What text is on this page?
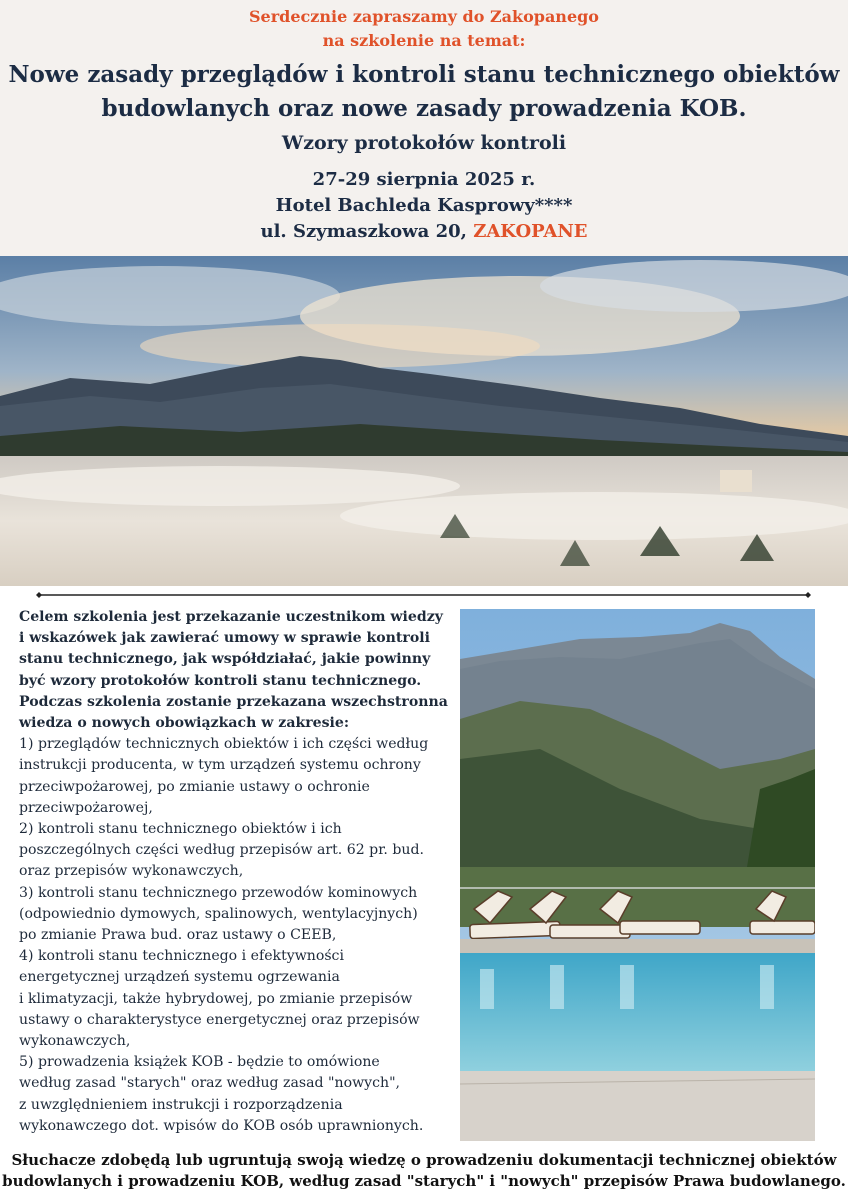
Serdecznie zapraszamy do Zakopanego
na szkolenie na temat:
Nowe zasady przeglądów i kontroli stanu technicznego obiektów
budowlanych oraz nowe zasady prowadzenia KOB.
Wzory protokołów kontroli
27-29 sierpnia 2025 r.
Hotel Bachleda Kasprowy****
ul. Szymaszkowa 20, ZAKOPANE
Celem szkolenia jest przekazanie uczestnikom wiedzy
i wskazówek jak zawierać umowy w sprawie kontroli
stanu technicznego, jak współdziałać, jakie powinny
być wzory protokołów kontroli stanu technicznego.
Podczas szkolenia zostanie przekazana wszechstronna
wiedza o nowych obowiązkach w zakresie:
1) przeglądów technicznych obiektów i ich części według
instrukcji producenta, w tym urządzeń systemu ochrony
przeciwpożarowej, po zmianie ustawy o ochronie
przeciwpożarowej,
2) kontroli stanu technicznego obiektów i ich
poszczególnych części według przepisów art. 62 pr. bud.
oraz przepisów wykonawczych,
3) kontroli stanu technicznego przewodów kominowych
(odpowiednio dymowych, spalinowych, wentylacyjnych)
po zmianie Prawa bud. oraz ustawy o CEEB,
4) kontroli stanu technicznego i efektywności
energetycznej urządzeń systemu ogrzewania
i klimatyzacji, także hybrydowej, po zmianie przepisów
ustawy o charakterystyce energetycznej oraz przepisów
wykonawczych,
5) prowadzenia książek KOB - będzie to omówione
według zasad "starych" oraz według zasad "nowych",
z uwzględnieniem instrukcji i rozporządzenia
wykonawczego dot. wpisów do KOB osób uprawnionych.
Słuchacze zdobędą lub ugruntują swoją wiedzę o prowadzeniu dokumentacji technicznej obiektów
budowlanych i prowadzeniu KOB, według zasad "starych" i "nowych" przepisów Prawa budowlanego.
